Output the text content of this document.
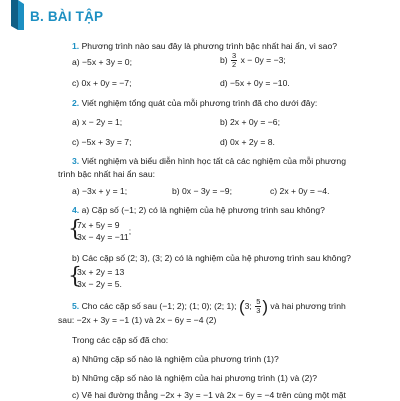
B. BÀI TẬP
1. Phương trình nào sau đây là phương trình bậc nhất hai ẩn, vì sao?
a) −5x + 3y = 0;	$b) \frac{3}{2}$ x − 0y = −3;
c) 0x + 0y = −7;	d) −5x + 0y = −10.
2. Viết nghiệm tổng quát của mỗi phương trình đã cho dưới đây:
a) x − 2y = 1;	b) 2x + 0y = −6;
c) −5x + 3y = 7;	d) 0x + 2y = 8.
3. Viết nghiệm và biểu diễn hình học tất cả các nghiệm của mỗi phương
trình bậc nhất hai ẩn sau:
a) −3x + y = 1;	b) 0x − 3y = −9;	c) 2x + 0y = −4.
4. a) Cặp số (−1; 2) có là nghiệm của hệ phương trình sau không?
{
7x + 5y = 9
3x − 4y = −11;
b) Các cặp số (2; 3), (3; 2) có là nghiệm của hệ phương trình sau không?
{
3x + 2y = 13
3x − 2y = 5.
5. Cho các cặp số sau (−1; 2); (1; 0); (2; 1); (3; $\frac{5}{3}$ ) và hai phương trình
sau: −2x + 3y = −1 (1) và 2x − 6y = −4 (2)
Trong các cặp số đã cho:
a) Những cặp số nào là nghiệm của phương trình (1)?
b) Những cặp số nào là nghiệm của hai phương trình (1) và (2)?
c) Vẽ hai đường thẳng −2x + 3y = −1 và 2x − 6y = −4 trên cùng một mặt
